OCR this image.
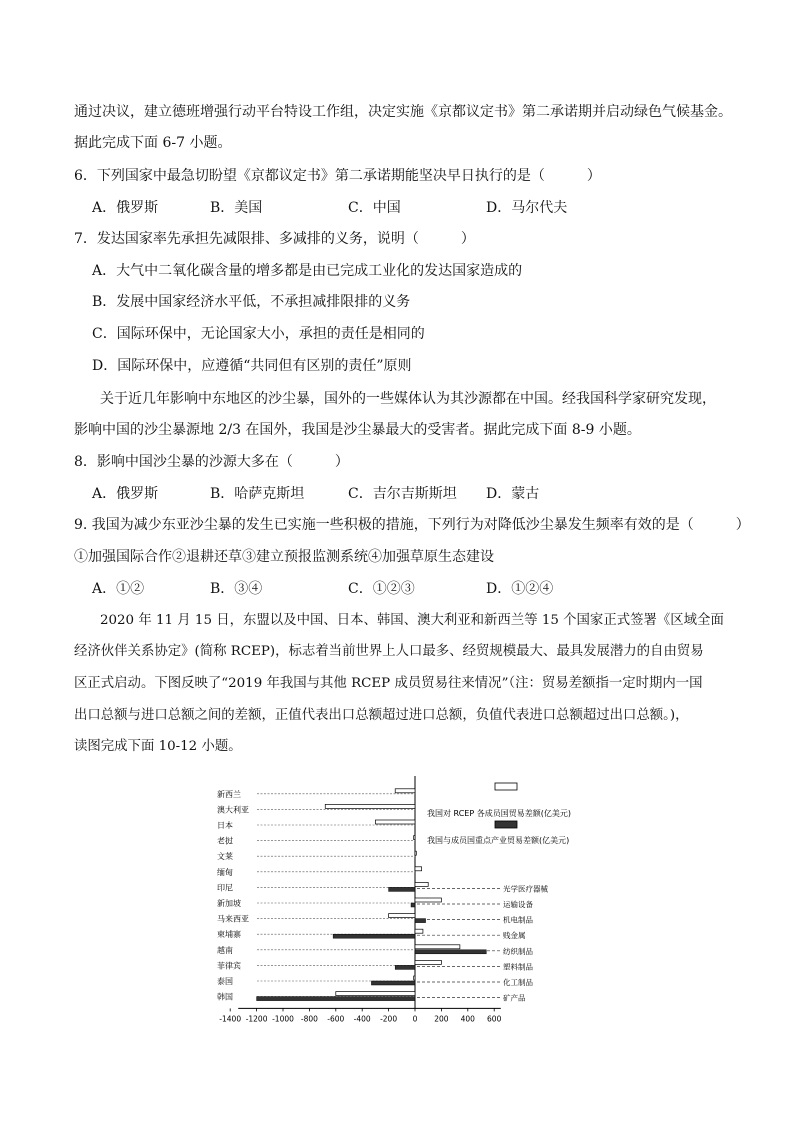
通过决议，建立德班增强行动平台特设工作组，决定实施《京都议定书》第二承诺期并启动绿色气候基金。
据此完成下面 6-7 小题。
6．下列国家中最急切盼望《京都议定书》第二承诺期能坚决早日执行的是（　　　）
A．俄罗斯	B．美国	C．中国	D．马尔代夫
7．发达国家率先承担先减限排、多减排的义务，说明（　　　）
A．大气中二氧化碳含量的增多都是由已完成工业化的发达国家造成的
B．发展中国家经济水平低，不承担减排限排的义务
C．国际环保中，无论国家大小，承担的责任是相同的
D．国际环保中，应遵循“共同但有区别的责任”原则
关于近几年影响中东地区的沙尘暴，国外的一些媒体认为其沙源都在中国。经我国科学家研究发现，
影响中国的沙尘暴源地 2/3 在国外，我国是沙尘暴最大的受害者。据此完成下面 8-9 小题。
8．影响中国沙尘暴的沙源大多在（　　　）
A．俄罗斯	B．哈萨克斯坦	C．吉尔吉斯斯坦 D．蒙古
9. 我国为减少东亚沙尘暴的发生已实施一些积极的措施，下列行为对降低沙尘暴发生频率有效的是（　　　）
①加强国际合作②退耕还草③建立预报监测系统④加强草原生态建设
A．①②	B．③④	C．①②③	D．①②④
2020 年 11 月 15 日，东盟以及中国、日本、韩国、澳大利亚和新西兰等 15 个国家正式签署《区域全面
经济伙伴关系协定》(简称 RCEP)，标志着当前世界上人口最多、经贸规模最大、最具发展潜力的自由贸易
区正式启动。下图反映了“2019 年我国与其他 RCEP 成员贸易往来情况”（注：贸易差额指一定时期内一国
出口总额与进口总额之间的差额，正值代表出口总额超过进口总额，负值代表进口总额超过出口总额。)，
读图完成下面 10-12 小题。
新西兰
澳大利亚
日本
老挝
文莱
缅甸
印尼
新加坡
马来西亚
柬埔寨
越南
菲律宾
泰国
韩国
-1400 -1200 -1000 -800 -600 -400 -200 0 200 400 600
光学医疗器械
运输设备
机电制品
贱金属
纺织制品
塑料制品
化工制品
矿产品
我国对 RCEP 各成员国贸易差额(亿美元)
我国与成员国重点产业贸易差额(亿美元)
